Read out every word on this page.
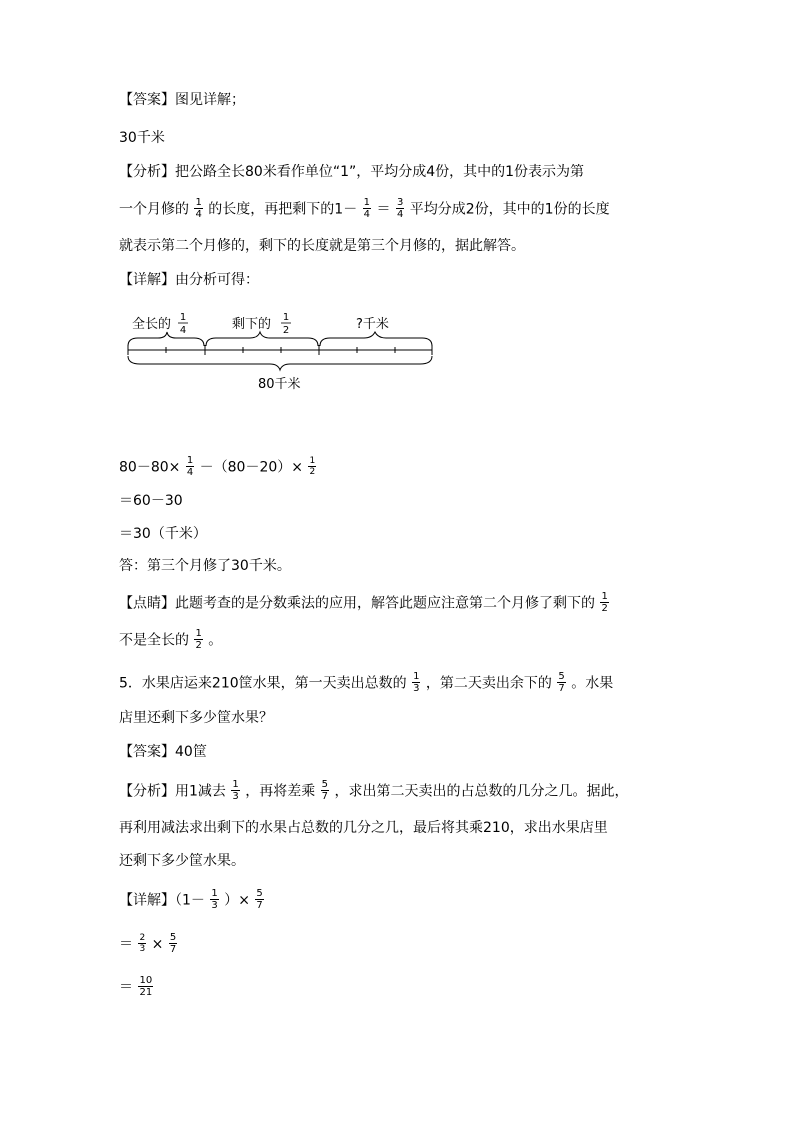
【答案】图见详解；
30千米
【分析】把公路全长80米看作单位“1”，平均分成4份，其中的1份表示为第
一个月修的 $\frac{1}{4}$ 的长度，再把剩下的$1- \frac{1}{4} = \frac{3}{4}$ 平均分成2份，其中的1份的长度
就表示第二个月修的，剩下的长度就是第三个月修的，据此解答。
【详解】由分析可得：
全长的 1
4	剩下的 1
2	?千米
80千米
$80-80\times \frac{1}{4} -(80-20)\times \frac{1}{2}$
＝60－30
＝30（千米）
答：第三个月修了30千米。
【点睛】此题考查的是分数乘法的应用，解答此题应注意第二个月修了剩下的 $\frac{1}{2}$
不是全长的 $\frac{1}{2}$ 。
5．水果店运来210筐水果，第一天卖出总数的 $\frac{1}{3}$ ，第二天卖出余下的 $\frac{5}{7}$ 。水果
店里还剩下多少筐水果？
【答案】40筐
【分析】用1减去 $\frac{1}{3}$ ，再将差乘 $\frac{5}{7}$ ，求出第二天卖出的占总数的几分之几。据此，
再利用减法求出剩下的水果占总数的几分之几，最后将其乘210，求出水果店里
还剩下多少筐水果。
【详解】（$1- \frac{1}{3}$ ）× $\frac{5}{7}$
＝ $\frac{2}{3} \times \frac{5}{7}$
＝ $\frac{10}{21}$
